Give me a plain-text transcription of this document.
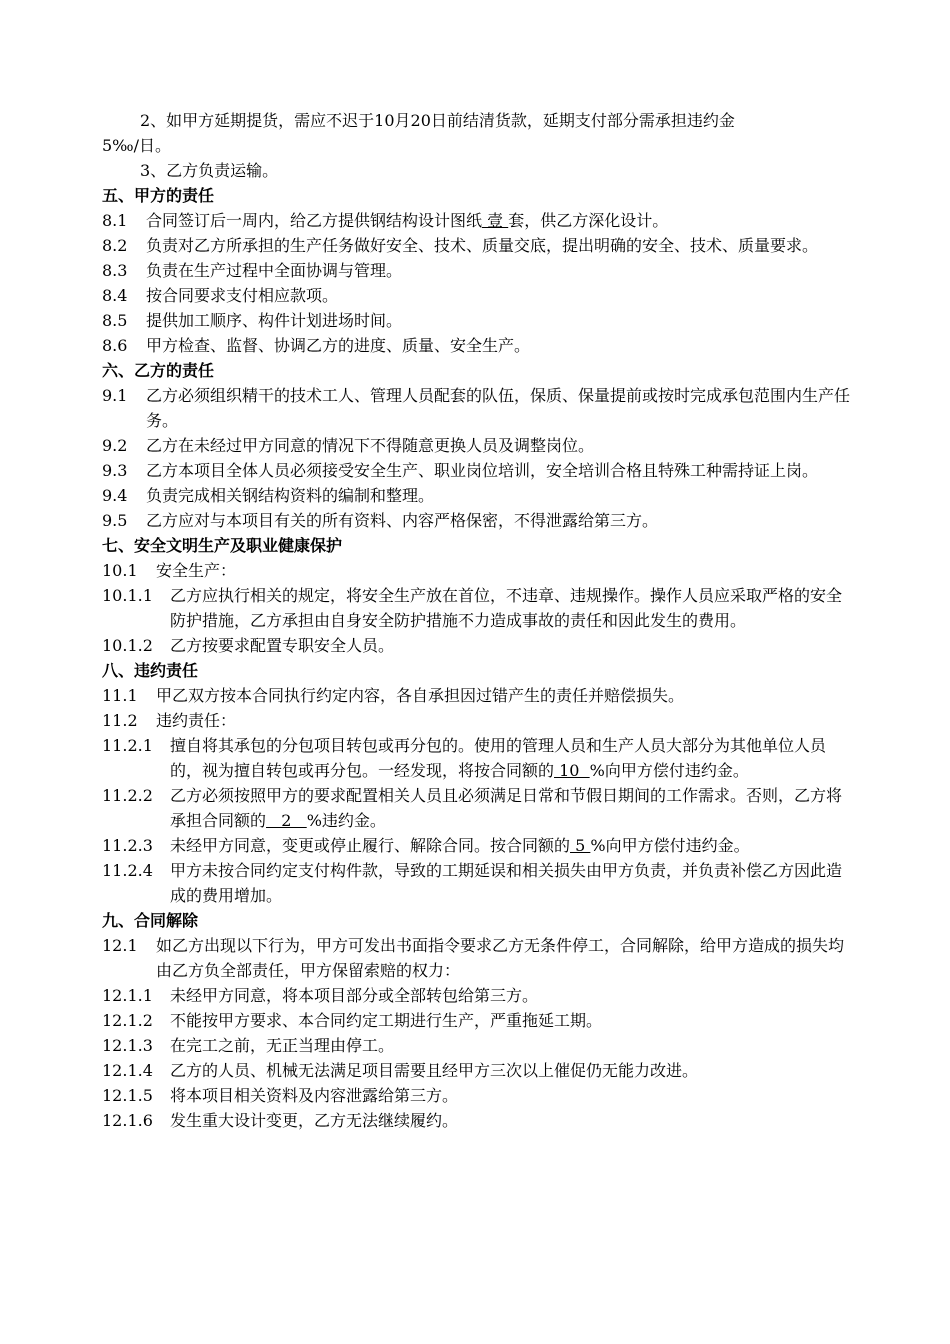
2、如甲方延期提货，需应不迟于10月20日前结清货款，延期支付部分需承担违约金
5‰/日。
3、乙方负责运输。
五、甲方的责任
8.1	合同签订后一周内，给乙方提供钢结构设计图纸 壹 套，供乙方深化设计。
8.2	负责对乙方所承担的生产任务做好安全、技术、质量交底，提出明确的安全、技术、质量要求。
8.3	负责在生产过程中全面协调与管理。
8.4	按合同要求支付相应款项。
8.5	提供加工顺序、构件计划进场时间。
8.6	甲方检查、监督、协调乙方的进度、质量、安全生产。
六、乙方的责任
9.1	乙方必须组织精干的技术工人、管理人员配套的队伍，保质、保量提前或按时完成承包范围内生产任务。
9.2	乙方在未经过甲方同意的情况下不得随意更换人员及调整岗位。
9.3	乙方本项目全体人员必须接受安全生产、职业岗位培训，安全培训合格且特殊工种需持证上岗。
9.4	负责完成相关钢结构资料的编制和整理。
9.5	乙方应对与本项目有关的所有资料、内容严格保密，不得泄露给第三方。
七、安全文明生产及职业健康保护
10.1	安全生产：
10.1.1	乙方应执行相关的规定，将安全生产放在首位，不违章、违规操作。操作人员应采取严格的安全防护措施，乙方承担由自身安全防护措施不力造成事故的责任和因此发生的费用。
10.1.2	乙方按要求配置专职安全人员。
八、违约责任
11.1	甲乙双方按本合同执行约定内容，各自承担因过错产生的责任并赔偿损失。
11.2	违约责任：
11.2.1	擅自将其承包的分包项目转包或再分包的。使用的管理人员和生产人员大部分为其他单位人员的，视为擅自转包或再分包。一经发现，将按合同额的 10  %向甲方偿付违约金。
11.2.2	乙方必须按照甲方的要求配置相关人员且必须满足日常和节假日期间的工作需求。否则，乙方将承担合同额的   2   %违约金。
11.2.3	未经甲方同意，变更或停止履行、解除合同。按合同额的 5 %向甲方偿付违约金。
11.2.4	甲方未按合同约定支付构件款，导致的工期延误和相关损失由甲方负责，并负责补偿乙方因此造成的费用增加。
九、合同解除
12.1	如乙方出现以下行为，甲方可发出书面指令要求乙方无条件停工，合同解除，给甲方造成的损失均由乙方负全部责任，甲方保留索赔的权力：
12.1.1	未经甲方同意，将本项目部分或全部转包给第三方。
12.1.2	不能按甲方要求、本合同约定工期进行生产，严重拖延工期。
12.1.3	在完工之前，无正当理由停工。
12.1.4	乙方的人员、机械无法满足项目需要且经甲方三次以上催促仍无能力改进。
12.1.5	将本项目相关资料及内容泄露给第三方。
12.1.6	发生重大设计变更，乙方无法继续履约。
